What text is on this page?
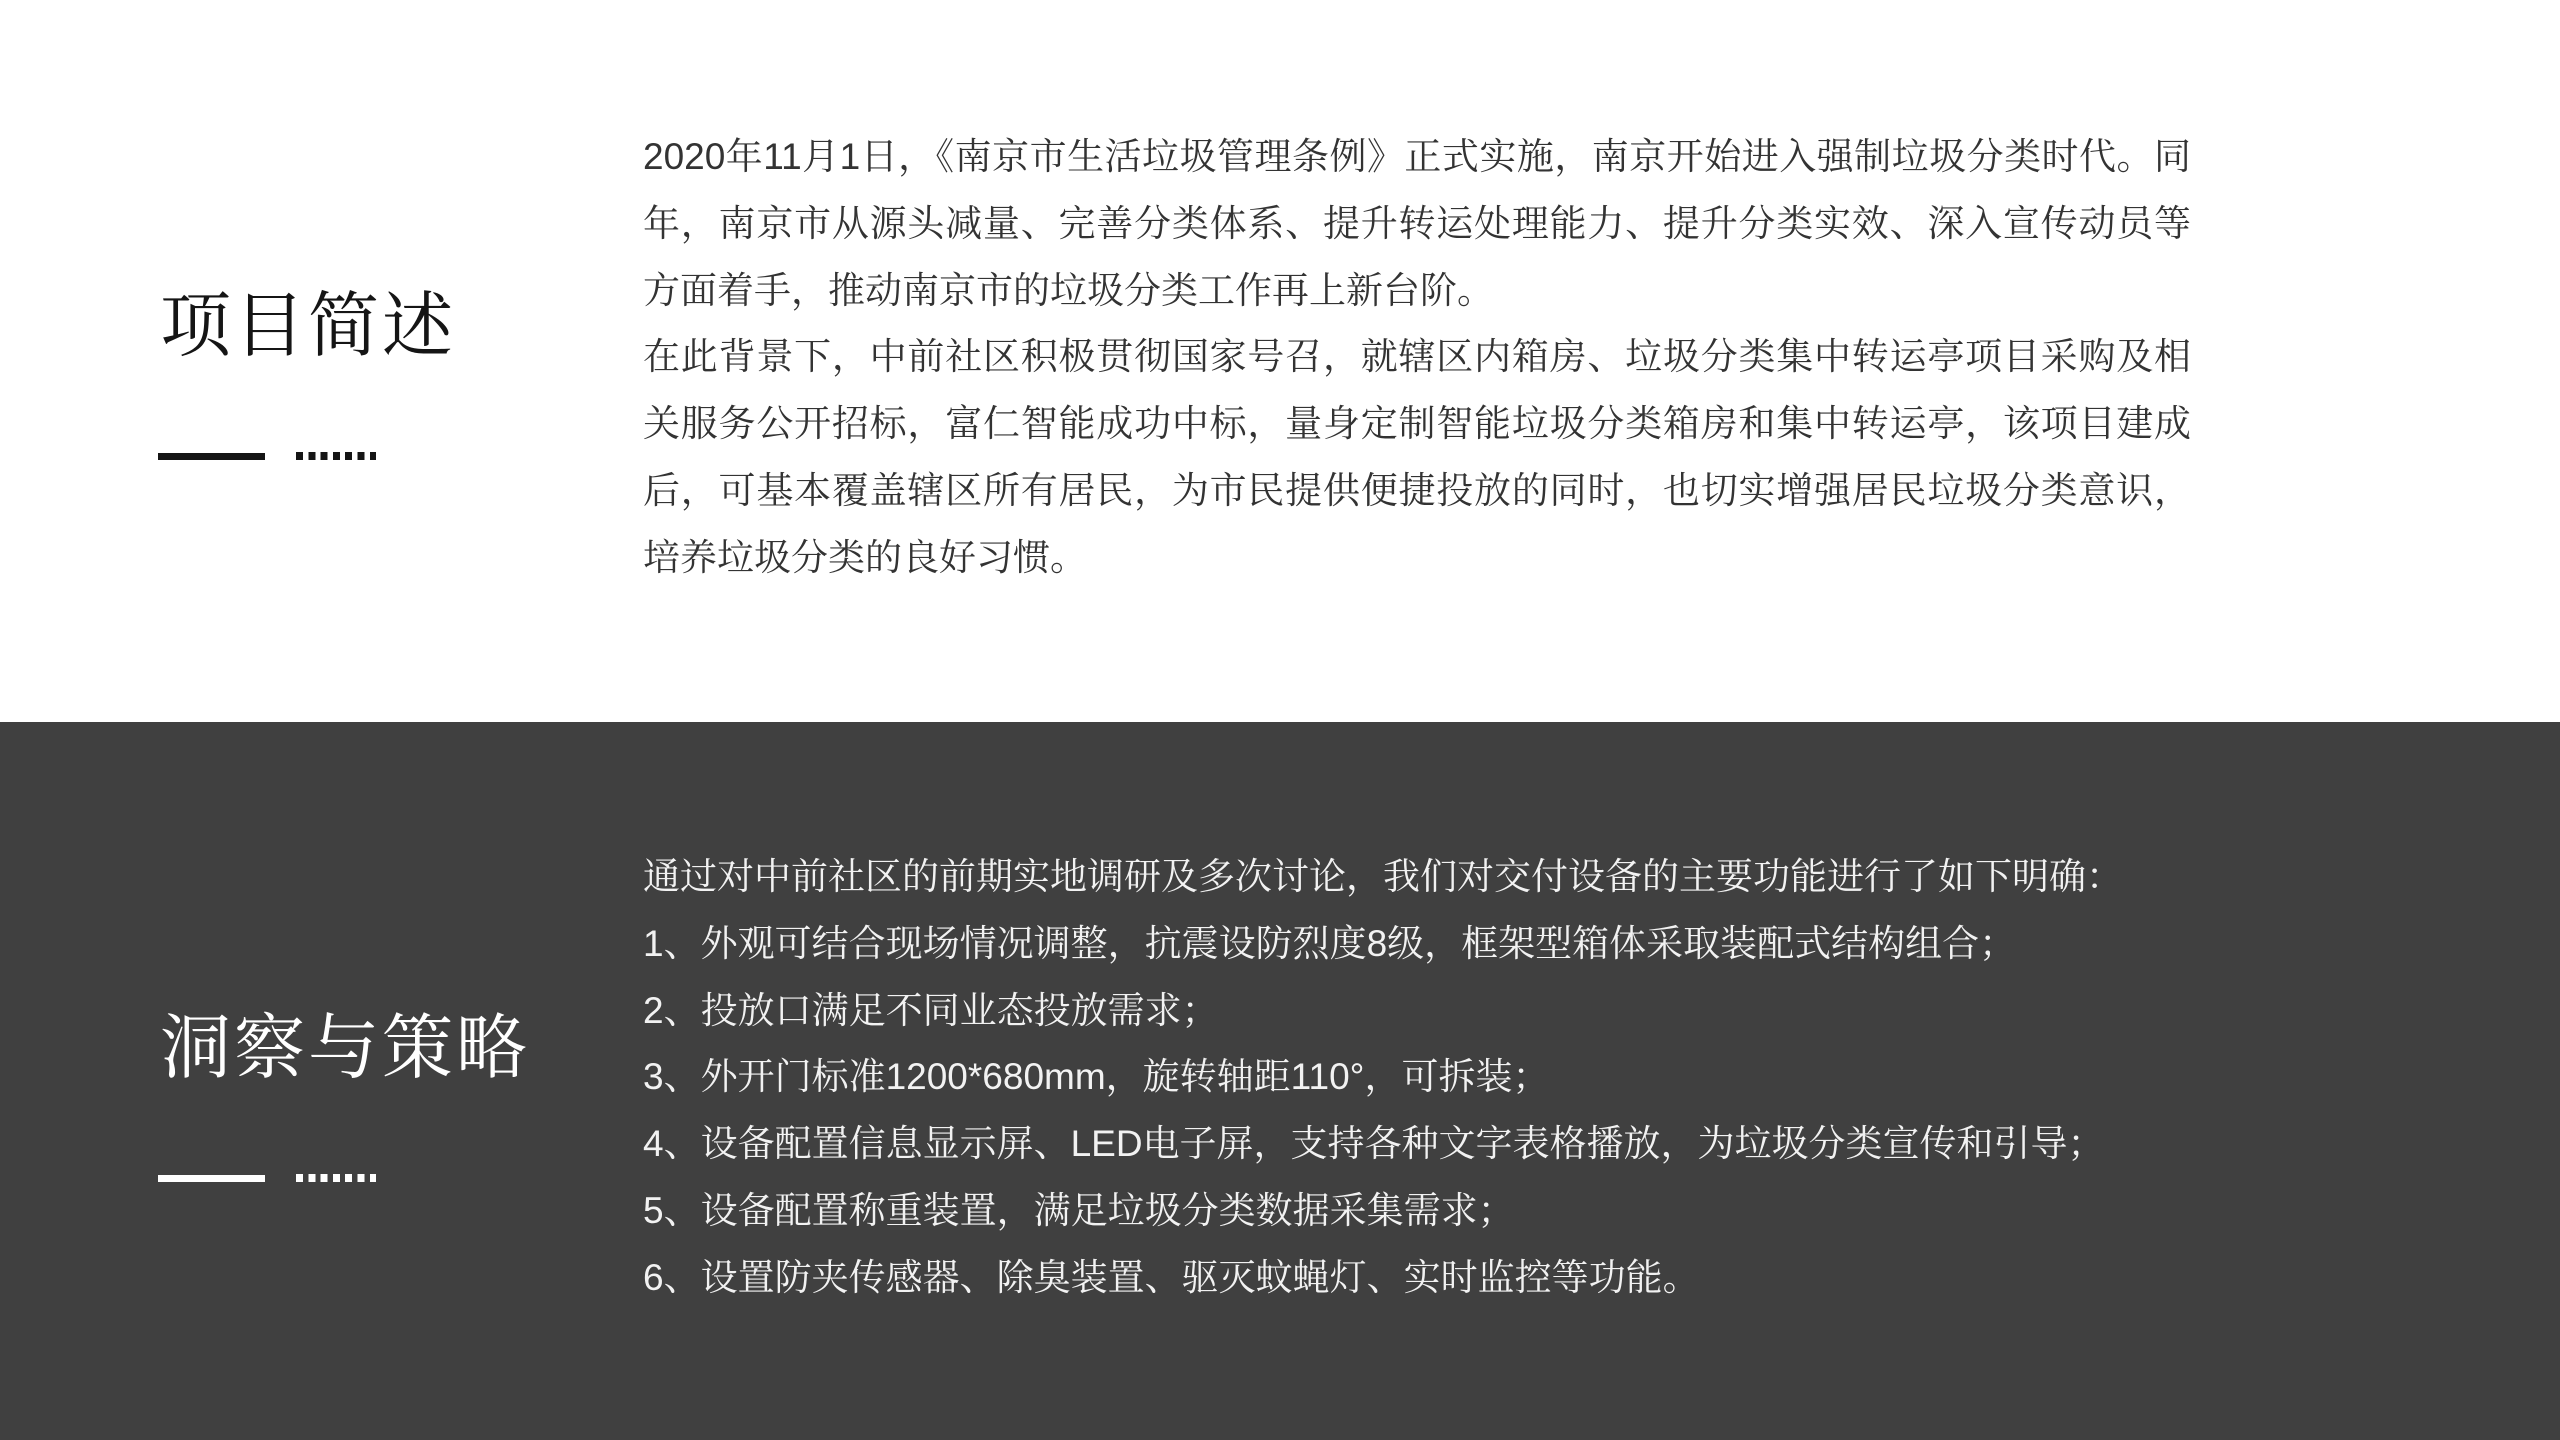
项目简述

2020年11月1日，《南京市生活垃圾管理条例》正式实施，南京开始进入强制垃圾分类时代。同年，南京市从源头减量、完善分类体系、提升转运处理能力、提升分类实效、深入宣传动员等方面着手，推动南京市的垃圾分类工作再上新台阶。

在此背景下，中前社区积极贯彻国家号召，就辖区内箱房、垃圾分类集中转运亭项目采购及相关服务公开招标，富仁智能成功中标，量身定制智能垃圾分类箱房和集中转运亭，该项目建成后，可基本覆盖辖区所有居民，为市民提供便捷投放的同时，也切实增强居民垃圾分类意识，培养垃圾分类的良好习惯。

洞察与策略

通过对中前社区的前期实地调研及多次讨论，我们对交付设备的主要功能进行了如下明确：

1、外观可结合现场情况调整，抗震设防烈度8级，框架型箱体采取装配式结构组合；

2、投放口满足不同业态投放需求；

3、外开门标准1200*680mm，旋转轴距110°，可拆装；

4、设备配置信息显示屏、LED电子屏，支持各种文字表格播放，为垃圾分类宣传和引导；

5、设备配置称重装置，满足垃圾分类数据采集需求；

6、设置防夹传感器、除臭装置、驱灭蚊蝇灯、实时监控等功能。
